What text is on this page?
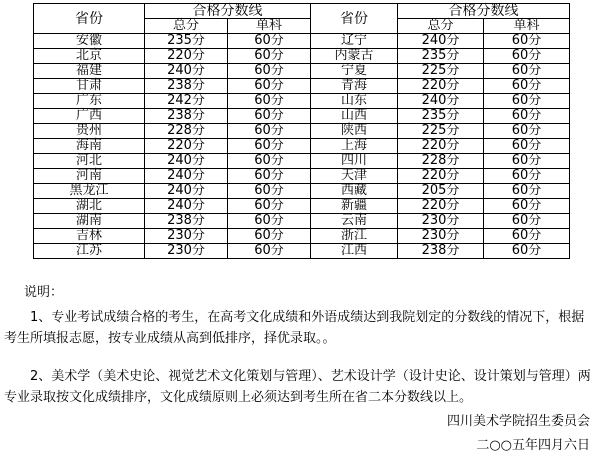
省份	合格分数线		省份	合格分数线	
	总分	单科		总分	单科
安徽	235分	60分	辽宁	240分	60分
北京	220分	60分	内蒙古	235分	60分
福建	240分	60分	宁夏	225分	60分
甘肃	238分	60分	青海	220分	60分
广东	242分	60分	山东	240分	60分
广西	238分	60分	山西	235分	60分
贵州	228分	60分	陕西	225分	60分
海南	220分	60分	上海	220分	60分
河北	240分	60分	四川	228分	60分
河南	240分	60分	天津	220分	60分
黑龙江	240分	60分	西藏	205分	60分
湖北	240分	60分	新疆	220分	60分
湖南	238分	60分	云南	230分	60分
吉林	230分	60分	浙江	230分	60分
江苏	230分	60分	江西	238分	60分

说明：

1、专业考试成绩合格的考生，在高考文化成绩和外语成绩达到我院划定的分数线的情况下，根据考生所填报志愿，按专业成绩从高到低排序，择优录取。。

2、美术学（美术史论、视觉艺术文化策划与管理）、艺术设计学（设计史论、设计策划与管理）两专业录取按文化成绩排序，文化成绩原则上必须达到考生所在省二本分数线以上。

四川美术学院招生委员会
二○○五年四月六日
